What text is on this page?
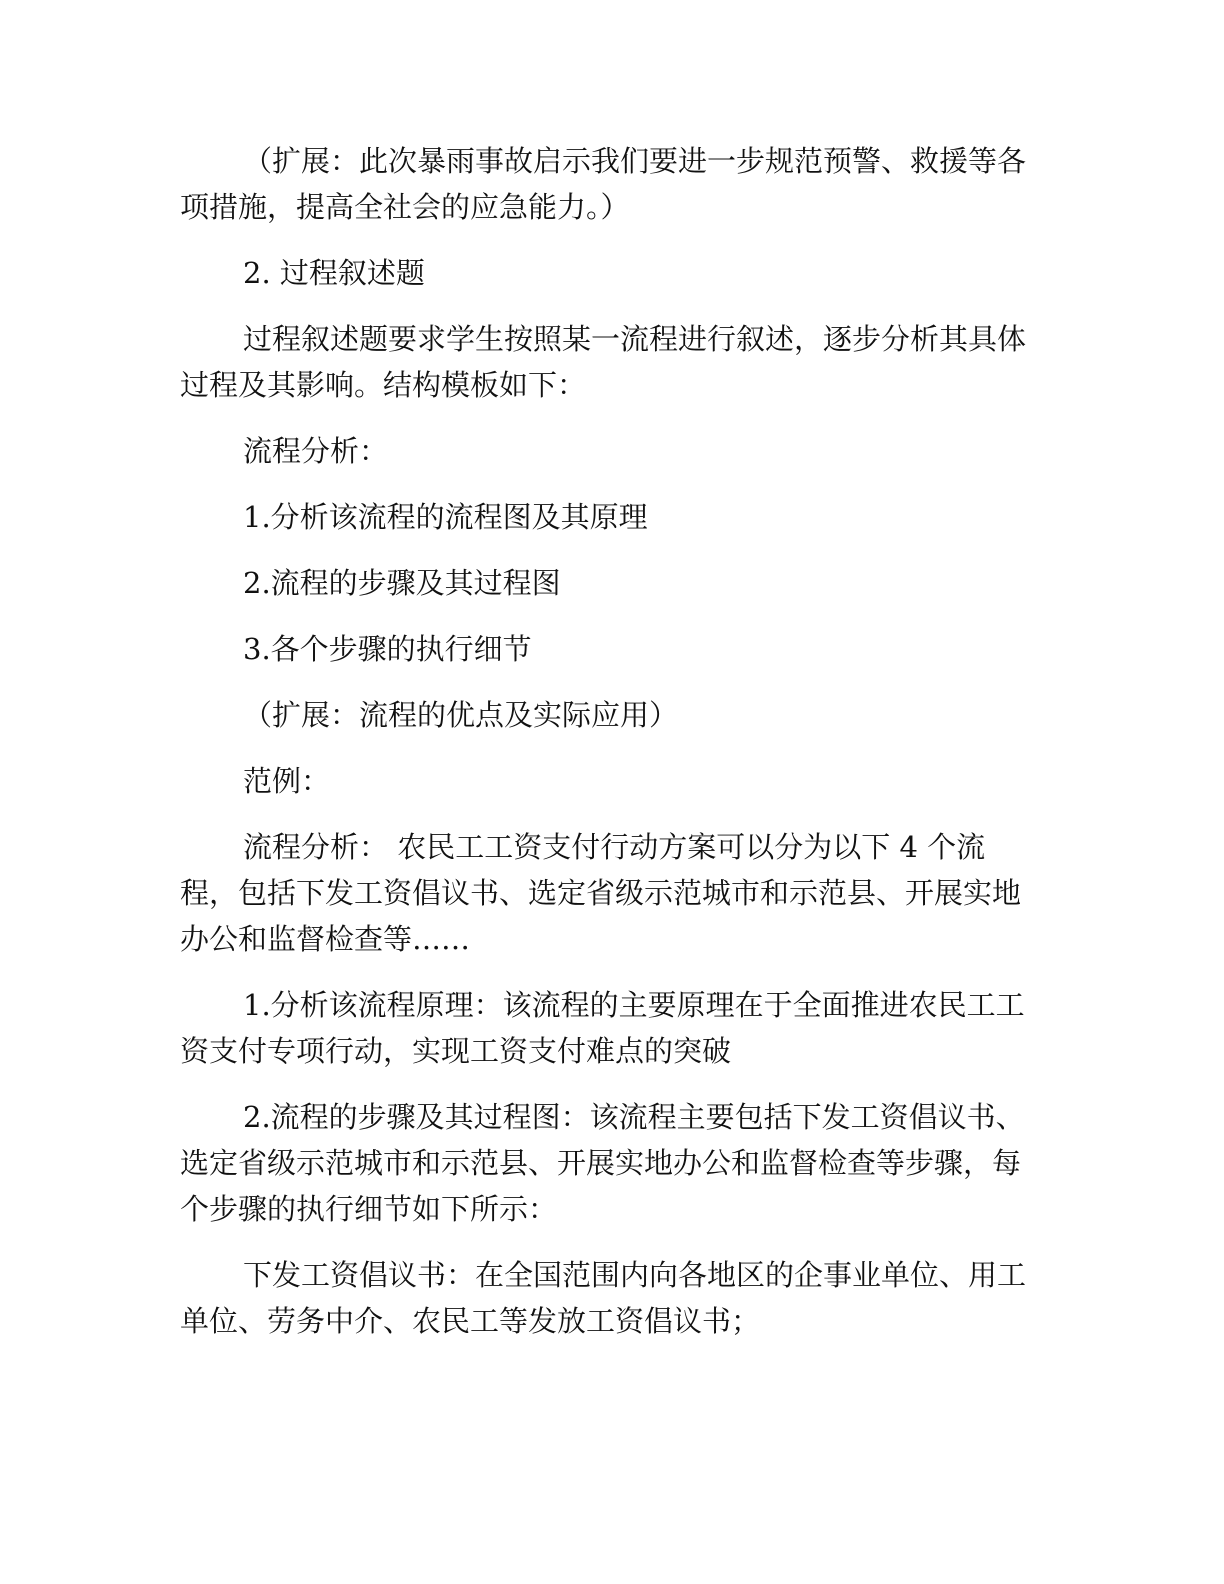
（扩展：此次暴雨事故启示我们要进一步规范预警、救援等各项措施，提高全社会的应急能力。）

2. 过程叙述题

过程叙述题要求学生按照某一流程进行叙述，逐步分析其具体过程及其影响。结构模板如下：

流程分析：

1.分析该流程的流程图及其原理

2.流程的步骤及其过程图

3.各个步骤的执行细节

（扩展：流程的优点及实际应用）

范例：

流程分析： 农民工工资支付行动方案可以分为以下 4 个流程，包括下发工资倡议书、选定省级示范城市和示范县、开展实地办公和监督检查等……

1.分析该流程原理：该流程的主要原理在于全面推进农民工工资支付专项行动，实现工资支付难点的突破

2.流程的步骤及其过程图：该流程主要包括下发工资倡议书、选定省级示范城市和示范县、开展实地办公和监督检查等步骤，每个步骤的执行细节如下所示：

下发工资倡议书：在全国范围内向各地区的企事业单位、用工单位、劳务中介、农民工等发放工资倡议书；
